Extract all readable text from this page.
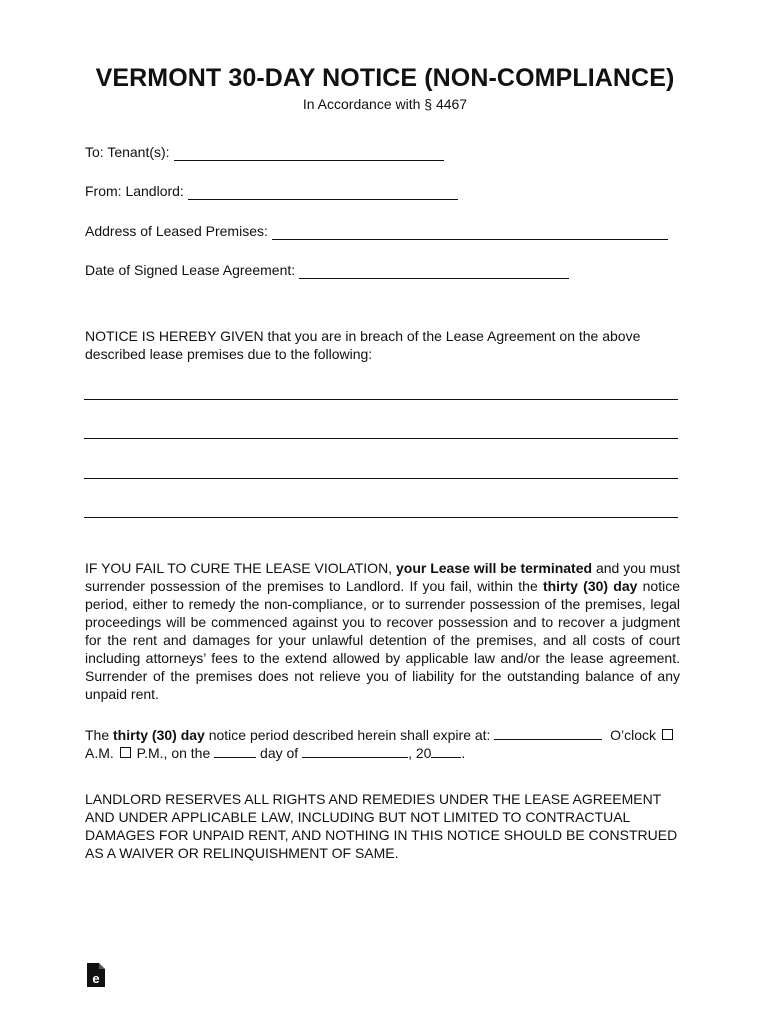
VERMONT 30-DAY NOTICE (NON-COMPLIANCE)
In Accordance with § 4467
To: Tenant(s):
From: Landlord:
Address of Leased Premises:
Date of Signed Lease Agreement:
NOTICE IS HEREBY GIVEN that you are in breach of the Lease Agreement on the above described lease premises due to the following:
IF YOU FAIL TO CURE THE LEASE VIOLATION, your Lease will be terminated and you must surrender possession of the premises to Landlord. If you fail, within the thirty (30) day notice period, either to remedy the non-compliance, or to surrender possession of the premises, legal proceedings will be commenced against you to recover possession and to recover a judgment for the rent and damages for your unlawful detention of the premises, and all costs of court including attorneys’ fees to the extend allowed by applicable law and/or the lease agreement. Surrender of the premises does not relieve you of liability for the outstanding balance of any unpaid rent.
The thirty (30) day notice period described herein shall expire at:	O’clock
A.M. P.M., on the	day of	, 20 .
LANDLORD RESERVES ALL RIGHTS AND REMEDIES UNDER THE LEASE AGREEMENT AND UNDER APPLICABLE LAW, INCLUDING BUT NOT LIMITED TO CONTRACTUAL DAMAGES FOR UNPAID RENT, AND NOTHING IN THIS NOTICE SHOULD BE CONSTRUED AS A WAIVER OR RELINQUISHMENT OF SAME.
e
